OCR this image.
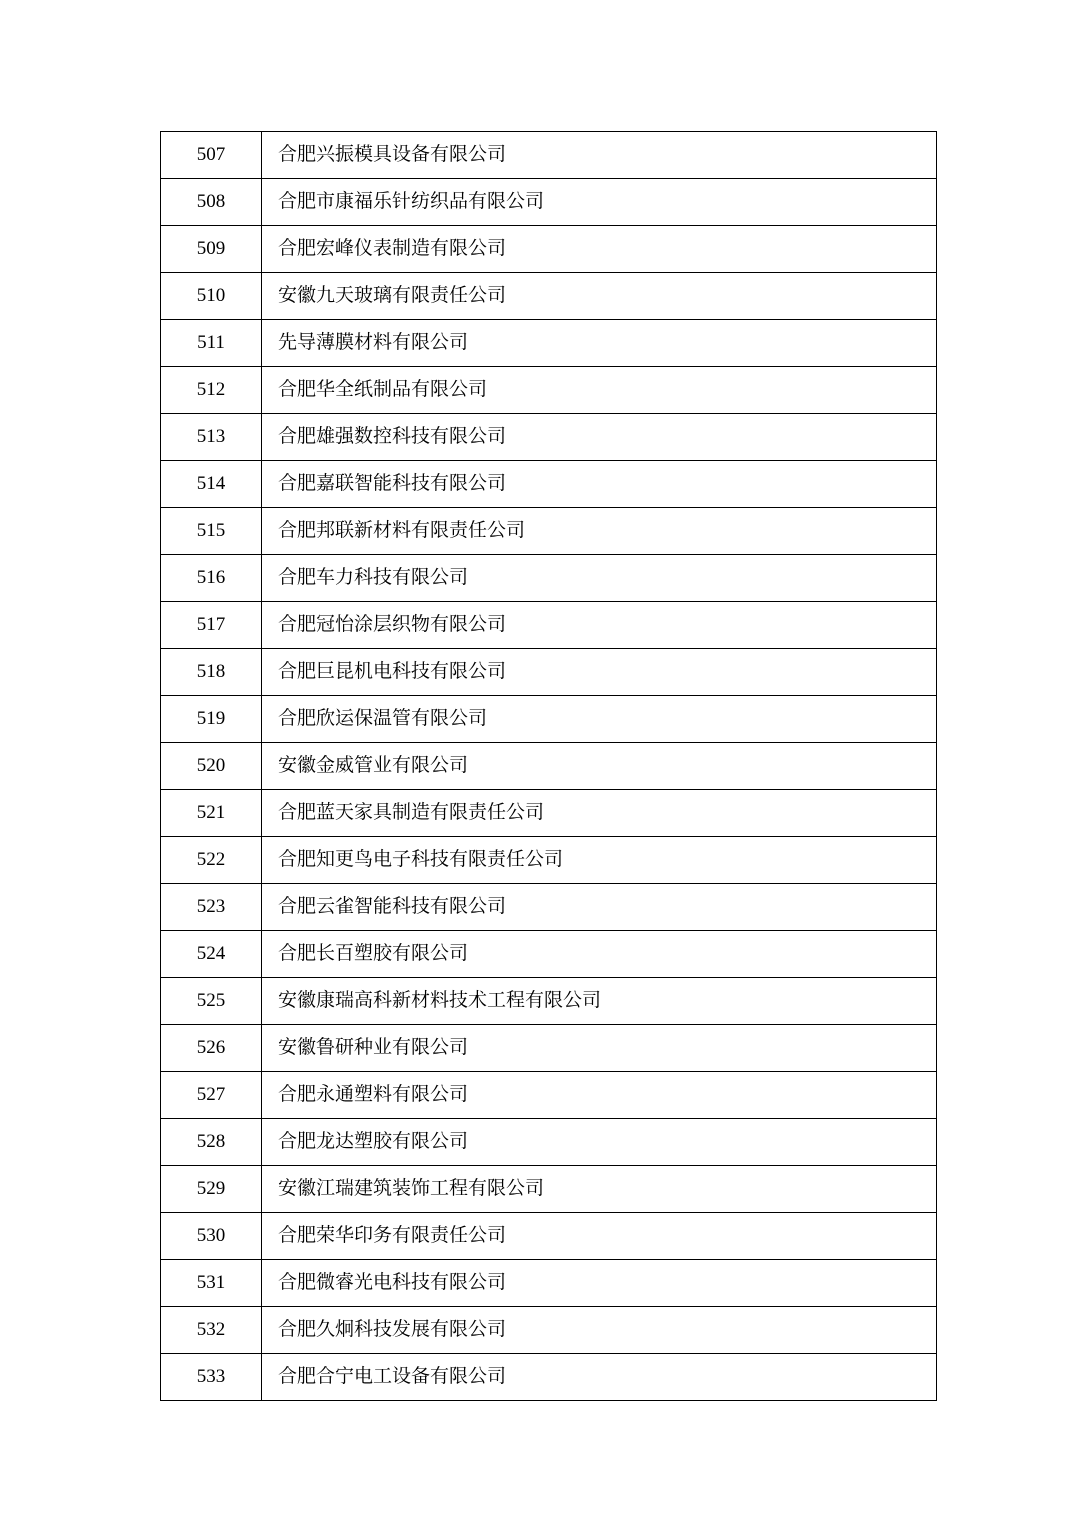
507	合肥兴振模具设备有限公司
508	合肥市康福乐针纺织品有限公司
509	合肥宏峰仪表制造有限公司
510	安徽九天玻璃有限责任公司
511	先导薄膜材料有限公司
512	合肥华全纸制品有限公司
513	合肥雄强数控科技有限公司
514	合肥嘉联智能科技有限公司
515	合肥邦联新材料有限责任公司
516	合肥车力科技有限公司
517	合肥冠怡涂层织物有限公司
518	合肥巨昆机电科技有限公司
519	合肥欣运保温管有限公司
520	安徽金威管业有限公司
521	合肥蓝天家具制造有限责任公司
522	合肥知更鸟电子科技有限责任公司
523	合肥云雀智能科技有限公司
524	合肥长百塑胶有限公司
525	安徽康瑞高科新材料技术工程有限公司
526	安徽鲁研种业有限公司
527	合肥永通塑料有限公司
528	合肥龙达塑胶有限公司
529	安徽江瑞建筑装饰工程有限公司
530	合肥荣华印务有限责任公司
531	合肥微睿光电科技有限公司
532	合肥久炯科技发展有限公司
533	合肥合宁电工设备有限公司
